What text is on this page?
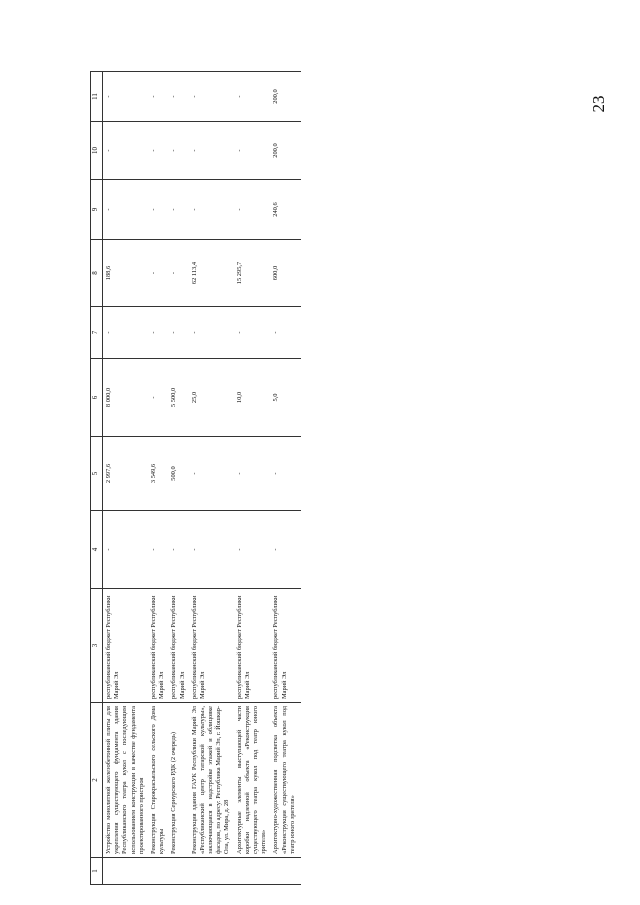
23
1	2	3	4	5	6	7	8	9	10	11
	Устройство монолитной железобетонной плиты для укрепления существующего фундамента здания Республиканского театра кукол с последующим использованием конструкции в качестве фундамента проектированного пристроя	республиканский бюджет Республики Марий Эл	-	2 997,6	8 000,0	-	188,6	-	-	-
	Реконструкция Старокрасьяльского сельского Дома культуры	республиканский бюджет Республики Марий Эл	-	3 549,6	-	-	-	-	-	-
	Реконструкция Сернурского РДК (2 очередь)	республиканский бюджет Республики Марий Эл	-	500,0	5 500,0	-	-	-	-	-
	Реконструкция здания ГАУК Республики Марий Эл «Республиканский центр татарской культуры», заключающаяся в надстройке этажей и облицовке фасадов, по адресу: Республика Марий Эл, г. Йошкар-Ола, ул. Мира, д. 28	республиканский бюджет Республики Марий Эл	-	-	25,0	-	62 113,4	-	-	-
	Архитектурные элементы выступающей части коробки надземной объекта «Реконструкция существующего театра кукол под театр юного зрителя»	республиканский бюджет Республики Марий Эл	-	-	10,0	-	15 295,7	-	-	-
	Архитектурно-художественная подсветка объекта «Реконструкция существующего театра кукол под театр юного зрителя»	республиканский бюджет Республики Марий Эл	-	-	5,0	-	600,0	240,6	200,0	200,0
